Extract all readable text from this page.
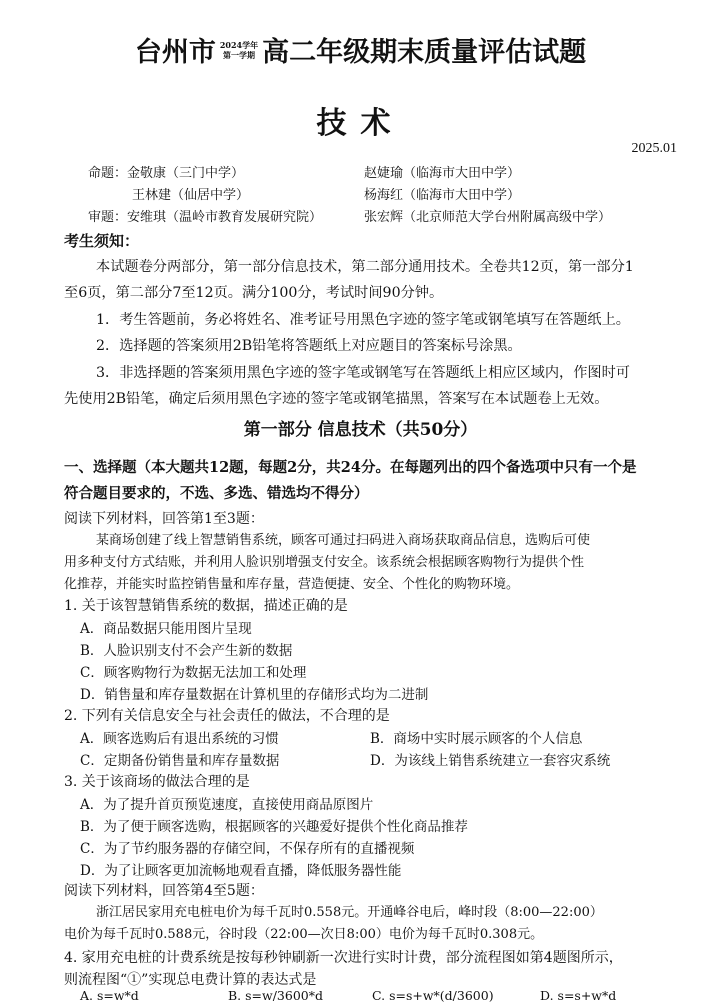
台州市 2024学年
第一学期 高二年级期末质量评估试题
技术
2025.01
命题：金敬康（三门中学）	赵婕瑜（临海市大田中学）
王林建（仙居中学）	杨海红（临海市大田中学）
审题：安维琪（温岭市教育发展研究院）	张宏辉（北京师范大学台州附属高级中学）
考生须知：
本试题卷分两部分，第一部分信息技术，第二部分通用技术。全卷共12页，第一部分1
至6页，第二部分7至12页。满分100分，考试时间90分钟。
1．考生答题前，务必将姓名、准考证号用黑色字迹的签字笔或钢笔填写在答题纸上。
2．选择题的答案须用2B铅笔将答题纸上对应题目的答案标号涂黑。
3．非选择题的答案须用黑色字迹的签字笔或钢笔写在答题纸上相应区域内，作图时可
先使用2B铅笔，确定后须用黑色字迹的签字笔或钢笔描黑，答案写在本试题卷上无效。
第一部分 信息技术（共50分）
一、选择题（本大题共12题，每题2分，共24分。在每题列出的四个备选项中只有一个是
符合题目要求的，不选、多选、错选均不得分）
阅读下列材料，回答第1至3题：
某商场创建了线上智慧销售系统，顾客可通过扫码进入商场获取商品信息，选购后可使
用多种支付方式结账，并利用人脸识别增强支付安全。该系统会根据顾客购物行为提供个性
化推荐，并能实时监控销售量和库存量，营造便捷、安全、个性化的购物环境。
1. 关于该智慧销售系统的数据，描述正确的是
A．商品数据只能用图片呈现
B．人脸识别支付不会产生新的数据
C．顾客购物行为数据无法加工和处理
D．销售量和库存量数据在计算机里的存储形式均为二进制
2. 下列有关信息安全与社会责任的做法，不合理的是
A．顾客选购后有退出系统的习惯	B．商场中实时展示顾客的个人信息
C．定期备份销售量和库存量数据	D．为该线上销售系统建立一套容灾系统
3. 关于该商场的做法合理的是
A．为了提升首页预览速度，直接使用商品原图片
B．为了便于顾客选购，根据顾客的兴趣爱好提供个性化商品推荐
C．为了节约服务器的存储空间，不保存所有的直播视频
D．为了让顾客更加流畅地观看直播，降低服务器性能
阅读下列材料，回答第4至5题：
浙江居民家用充电桩电价为每千瓦时0.558元。开通峰谷电后，峰时段（8:00—22:00）
电价为每千瓦时0.588元，谷时段（22:00—次日8:00）电价为每千瓦时0.308元。
4. 家用充电桩的计费系统是按每秒钟刷新一次进行实时计费，部分流程图如第4题图所示，
则流程图“①”实现总电费计算的表达式是
A. s=w*d	B. s=w/3600*d	C. s=s+w*(d/3600)	D. s=s+w*d
